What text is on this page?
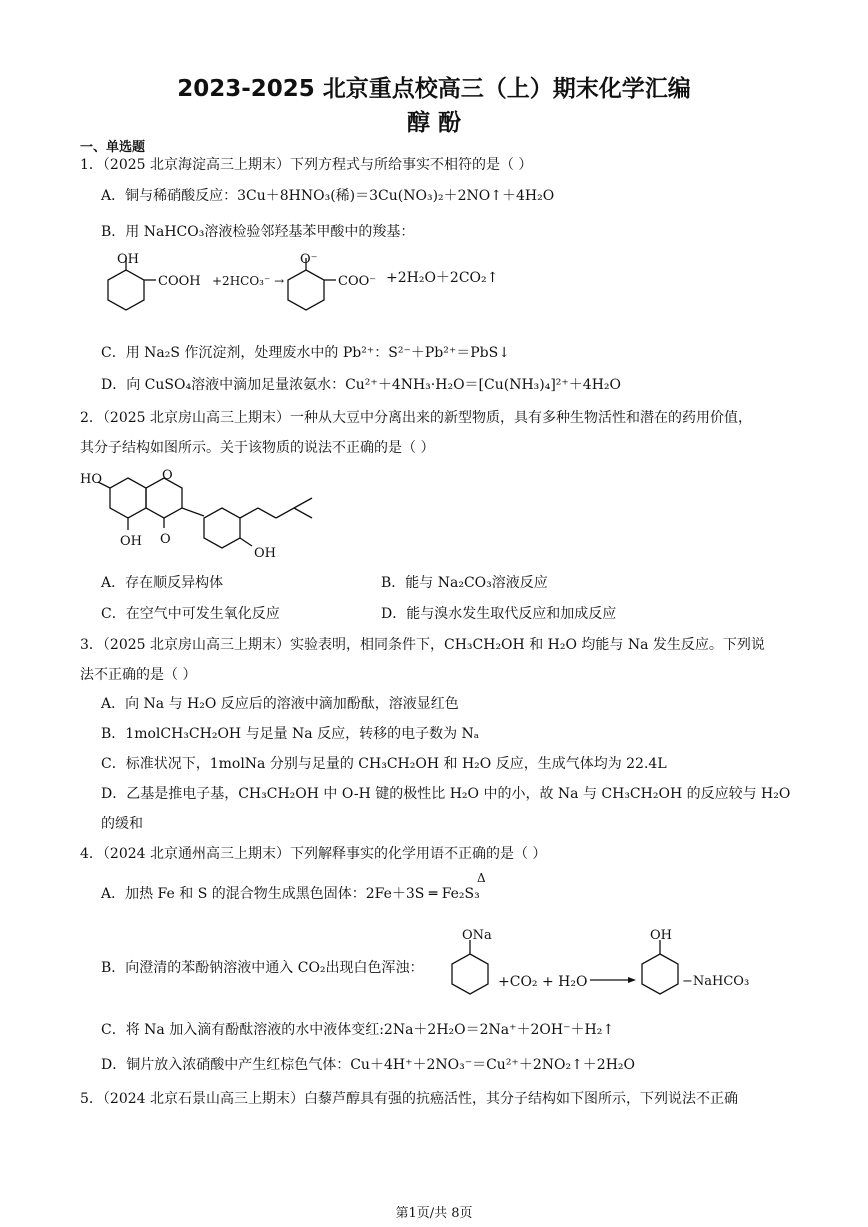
2023-2025 北京重点校高三（上）期末化学汇编
醇 酚
一、单选题
1．（2025 北京海淀高三上期末）下列方程式与所给事实不相符的是（ ）
A．铜与稀硝酸反应：3Cu＋8HNO₃(稀)＝3Cu(NO₃)₂＋2NO↑＋4H₂O
B．用 NaHCO₃溶液检验邻羟基苯甲酸中的羧基：
OH
COOH +2HCO₃⁻ →
O⁻
COO⁻ +2H₂O＋2CO₂↑
C．用 Na₂S 作沉淀剂，处理废水中的 Pb²⁺：S²⁻＋Pb²⁺＝PbS↓
D．向 CuSO₄溶液中滴加足量浓氨水：Cu²⁺＋4NH₃·H₂O＝[Cu(NH₃)₄]²⁺＋4H₂O
2．（2025 北京房山高三上期末）一种从大豆中分离出来的新型物质，具有多种生物活性和潜在的药用价值，
其分子结构如图所示。关于该物质的说法不正确的是（ ）
HO	O
OH O
OH
A．存在顺反异构体	B．能与 Na₂CO₃溶液反应
C．在空气中可发生氧化反应	D．能与溴水发生取代反应和加成反应
3．（2025 北京房山高三上期末）实验表明，相同条件下，CH₃CH₂OH 和 H₂O 均能与 Na 发生反应。下列说
法不正确的是（ ）
A．向 Na 与 H₂O 反应后的溶液中滴加酚酞，溶液显红色
B．1molCH₃CH₂OH 与足量 Na 反应，转移的电子数为 Nₐ
C．标准状况下，1molNa 分别与足量的 CH₃CH₂OH 和 H₂O 反应，生成气体均为 22.4L
D．乙基是推电子基，CH₃CH₂OH 中 O-H 键的极性比 H₂O 中的小，故 Na 与 CH₃CH₂OH 的反应较与 H₂O
的缓和
4．（2024 北京通州高三上期末）下列解释事实的化学用语不正确的是（ ）
Δ
A．加热 Fe 和 S 的混合物生成黑色固体：2Fe＋3S ═ Fe₂S₃
B．向澄清的苯酚钠溶液中通入 CO₂出现白色浑浊：
ONa
+CO₂ + H₂O
OH
−NaHCO₃
C．将 Na 加入滴有酚酞溶液的水中液体变红:2Na＋2H₂O＝2Na⁺＋2OH⁻＋H₂↑
D．铜片放入浓硝酸中产生红棕色气体：Cu＋4H⁺＋2NO₃⁻＝Cu²⁺＋2NO₂↑＋2H₂O
5．（2024 北京石景山高三上期末）白藜芦醇具有强的抗癌活性，其分子结构如下图所示，下列说法不正确
第1页/共 8页
